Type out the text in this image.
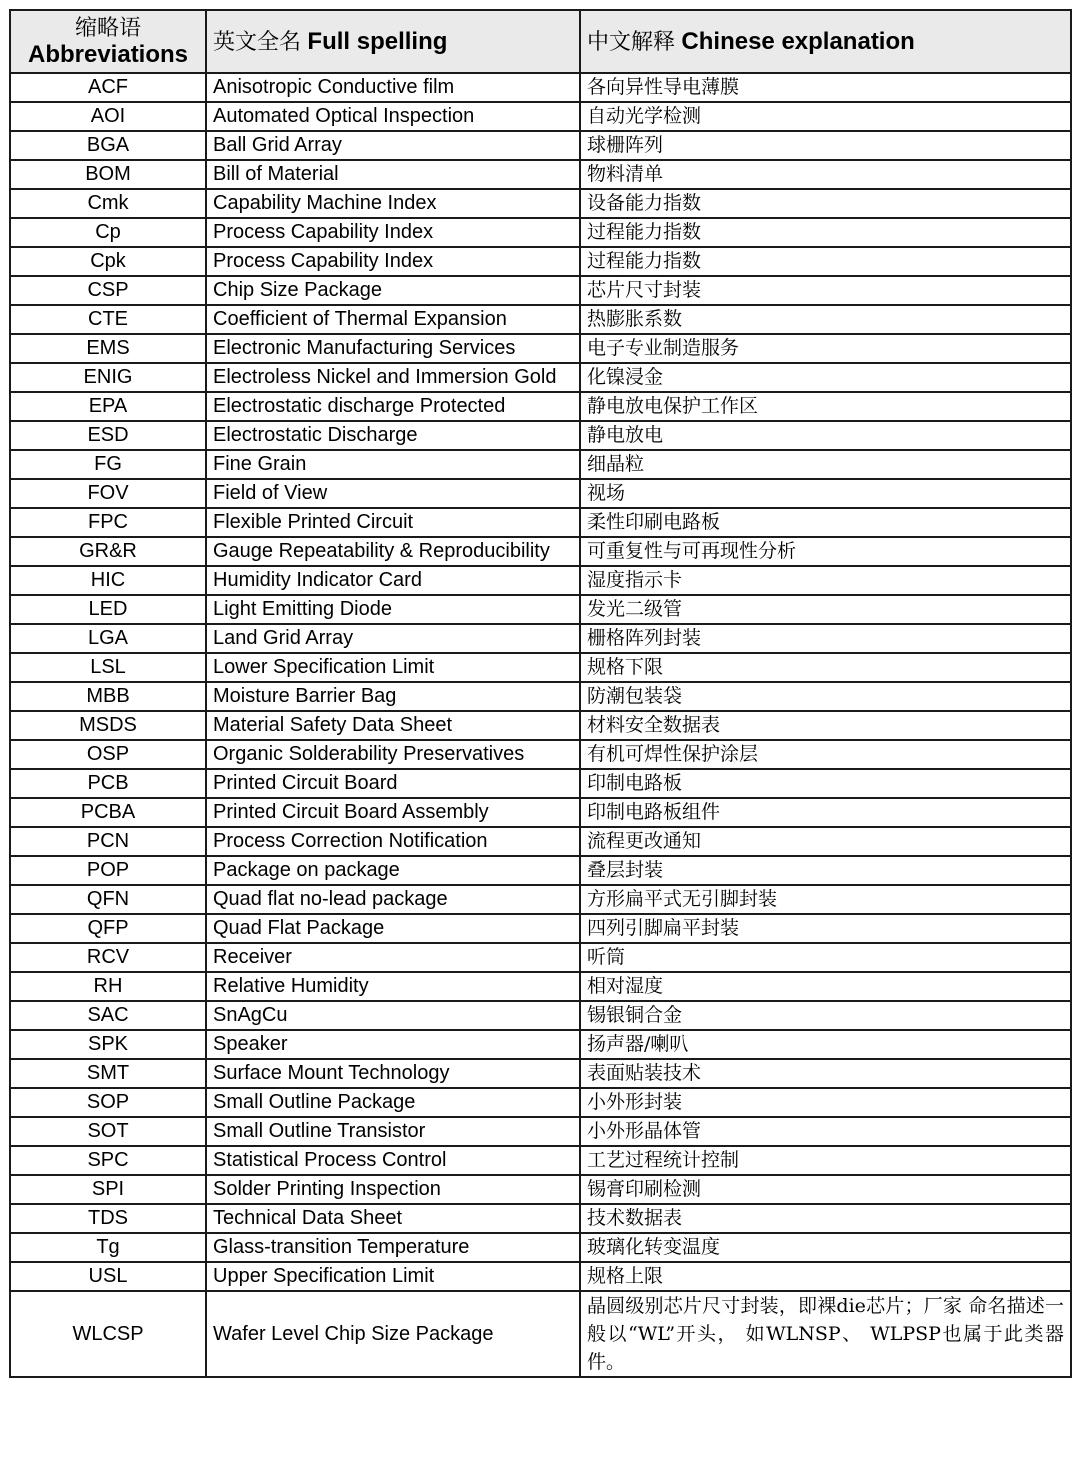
缩略语
Abbreviations	英文全名 Full spelling	中文解释 Chinese explanation
ACF	Anisotropic Conductive film	各向异性导电薄膜
AOI	Automated Optical Inspection	自动光学检测
BGA	Ball Grid Array	球栅阵列
BOM	Bill of Material	物料清单
Cmk	Capability Machine Index	设备能力指数
Cp	Process Capability Index	过程能力指数
Cpk	Process Capability Index	过程能力指数
CSP	Chip Size Package	芯片尺寸封装
CTE	Coefficient of Thermal Expansion	热膨胀系数
EMS	Electronic Manufacturing Services	电子专业制造服务
ENIG	Electroless Nickel and Immersion Gold	化镍浸金
EPA	Electrostatic discharge Protected	静电放电保护工作区
ESD	Electrostatic Discharge	静电放电
FG	Fine Grain	细晶粒
FOV	Field of View	视场
FPC	Flexible Printed Circuit	柔性印刷电路板
GR&R	Gauge Repeatability & Reproducibility	可重复性与可再现性分析
HIC	Humidity Indicator Card	湿度指示卡
LED	Light Emitting Diode	发光二级管
LGA	Land Grid Array	栅格阵列封装
LSL	Lower Specification Limit	规格下限
MBB	Moisture Barrier Bag	防潮包装袋
MSDS	Material Safety Data Sheet	材料安全数据表
OSP	Organic Solderability Preservatives	有机可焊性保护涂层
PCB	Printed Circuit Board	印制电路板
PCBA	Printed Circuit Board Assembly	印制电路板组件
PCN	Process Correction Notification	流程更改通知
POP	Package on package	叠层封装
QFN	Quad flat no-lead package	方形扁平式无引脚封装
QFP	Quad Flat Package	四列引脚扁平封装
RCV	Receiver	听筒
RH	Relative Humidity	相对湿度
SAC	SnAgCu	锡银铜合金
SPK	Speaker	扬声器/喇叭
SMT	Surface Mount Technology	表面贴装技术
SOP	Small Outline Package	小外形封装
SOT	Small Outline Transistor	小外形晶体管
SPC	Statistical Process Control	工艺过程统计控制
SPI	Solder Printing Inspection	锡膏印刷检测
TDS	Technical Data Sheet	技术数据表
Tg	Glass-transition Temperature	玻璃化转变温度
USL	Upper Specification Limit	规格上限
WLCSP	Wafer Level Chip Size Package	晶圆级别芯片尺寸封装，即裸die芯片；厂家 命名描述一般以“WL”开头， 如WLNSP、 WLPSP也属于此类器件。
